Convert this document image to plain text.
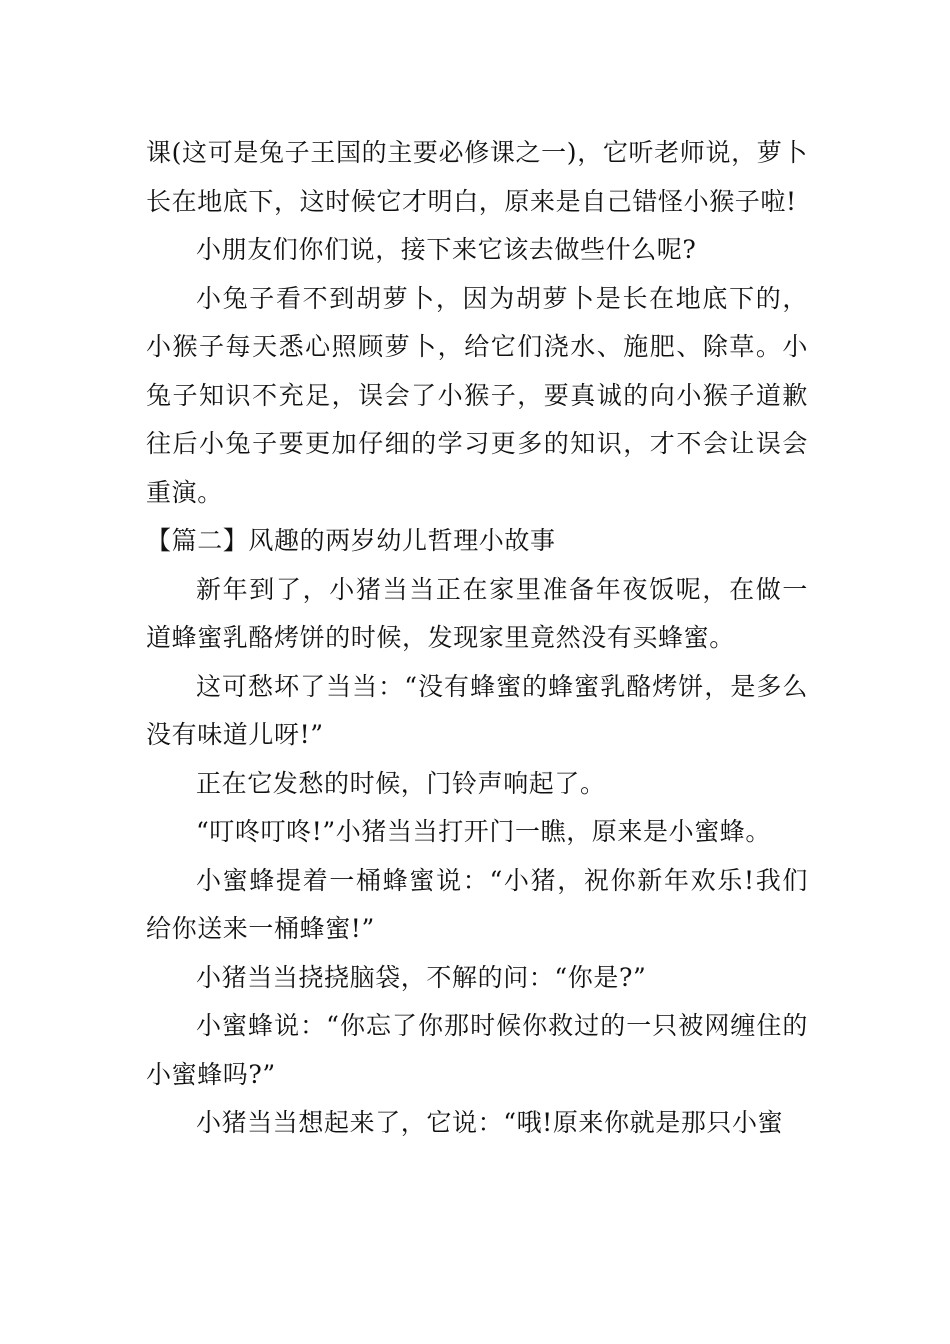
课(这可是兔子王国的主要必修课之一)，它听老师说，萝卜长在地底下，这时候它才明白，原来是自己错怪小猴子啦!

小朋友们你们说，接下来它该去做些什么呢?

小兔子看不到胡萝卜，因为胡萝卜是长在地底下的，小猴子每天悉心照顾萝卜，给它们浇水、施肥、除草。小兔子知识不充足，误会了小猴子，要真诚的向小猴子道歉往后小兔子要更加仔细的学习更多的知识，才不会让误会重演。

【篇二】风趣的两岁幼儿哲理小故事

新年到了，小猪当当正在家里准备年夜饭呢，在做一道蜂蜜乳酪烤饼的时候，发现家里竟然没有买蜂蜜。

这可愁坏了当当：“没有蜂蜜的蜂蜜乳酪烤饼，是多么没有味道儿呀!”

正在它发愁的时候，门铃声响起了。

“叮咚叮咚!”小猪当当打开门一瞧，原来是小蜜蜂。

小蜜蜂提着一桶蜂蜜说：“小猪，祝你新年欢乐!我们给你送来一桶蜂蜜!”

小猪当当挠挠脑袋，不解的问：“你是?”

小蜜蜂说：“你忘了你那时候你救过的一只被网缠住的小蜜蜂吗?”

小猪当当想起来了，它说：“哦!原来你就是那只小蜜
